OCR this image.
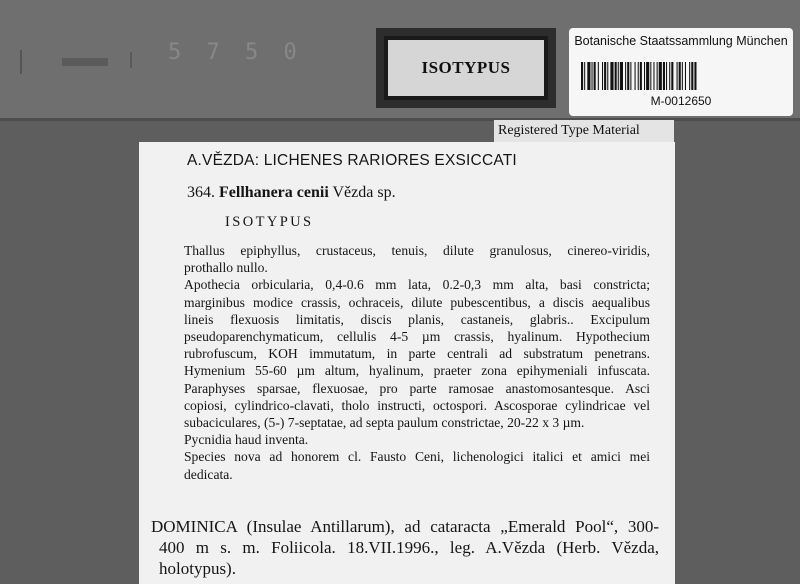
5 7 5 0
ISOTYPUS
Botanische Staatssammlung München
M-0012650
Registered Type Material
A.VĚZDA: LICHENES RARIORES EXSICCATI
364. Fellhanera cenii Vězda sp.
ISOTYPUS
Thallus epiphyllus, crustaceus, tenuis, dilute granulosus, cinereo-viridis,
prothallo nullo.
Apothecia orbicularia, 0,4-0.6 mm lata, 0.2-0,3 mm alta, basi constricta;
marginibus modice crassis, ochraceis, dilute pubescentibus, a discis aequalibus
lineis flexuosis limitatis, discis planis, castaneis, glabris.. Excipulum
pseudoparenchymaticum, cellulis 4-5 µm crassis, hyalinum. Hypothecium
rubrofuscum, KOH immutatum, in parte centrali ad substratum penetrans.
Hymenium 55-60 µm altum, hyalinum, praeter zona epihymeniali infuscata.
Paraphyses sparsae, flexuosae, pro parte ramosae anastomosantesque. Asci
copiosi, cylindrico-clavati, tholo instructi, octospori. Ascosporae cylindricae vel
subaciculares, (5-) 7-septatae, ad septa paulum constrictae, 20-22 x 3 µm.
Pycnidia haud inventa.
Species nova ad honorem cl. Fausto Ceni, lichenologici italici et amici mei
dedicata.
DOMINICA (Insulae Antillarum), ad cataracta „Emerald Pool“, 300-
400 m s. m. Foliicola. 18.VII.1996., leg. A.Vězda (Herb. Vězda,
holotypus).
